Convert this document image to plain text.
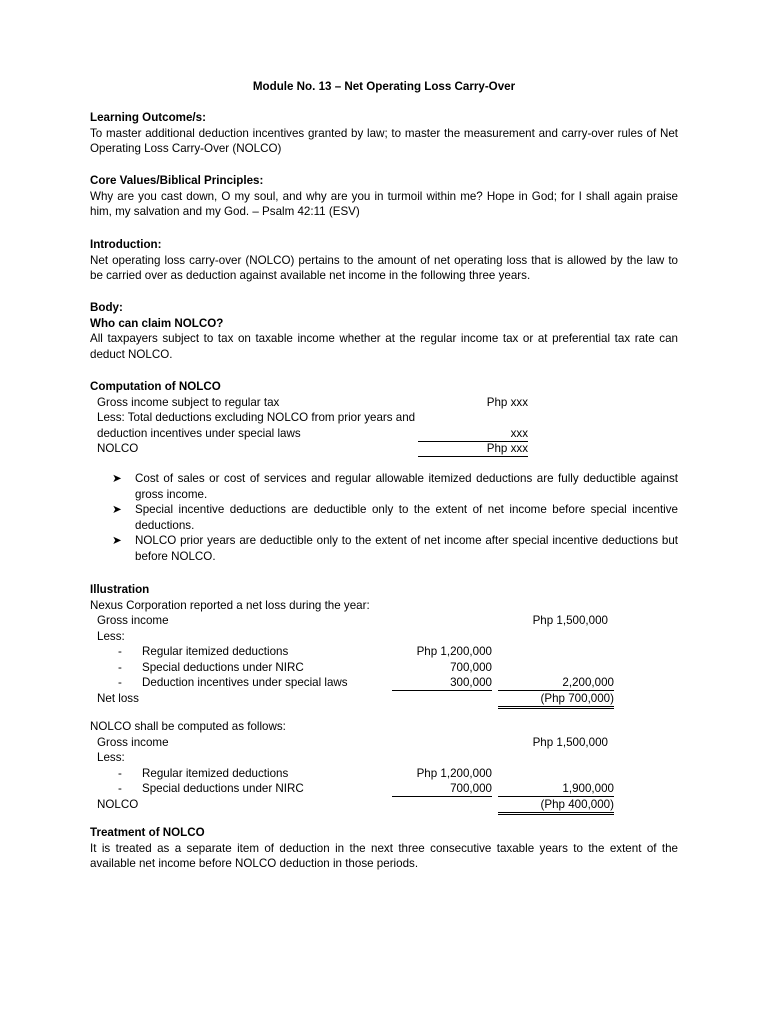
Module No. 13 – Net Operating Loss Carry-Over
Learning Outcome/s:
To master additional deduction incentives granted by law; to master the measurement and carry-over rules of Net Operating Loss Carry-Over (NOLCO)
Core Values/Biblical Principles:
Why are you cast down, O my soul, and why are you in turmoil within me? Hope in God; for I shall again praise him, my salvation and my God. – Psalm 42:11 (ESV)
Introduction:
Net operating loss carry-over (NOLCO) pertains to the amount of net operating loss that is allowed by the law to be carried over as deduction against available net income in the following three years.
Body:
Who can claim NOLCO?
All taxpayers subject to tax on taxable income whether at the regular income tax or at preferential tax rate can deduct NOLCO.
Computation of NOLCO
Gross income subject to regular tax	Php xxx
Less: Total deductions excluding NOLCO from prior years and
deduction incentives under special laws	xxx
NOLCO	Php xxx
➤ Cost of sales or cost of services and regular allowable itemized deductions are fully deductible against gross income.
➤ Special incentive deductions are deductible only to the extent of net income before special incentive deductions.
➤ NOLCO prior years are deductible only to the extent of net income after special incentive deductions but before NOLCO.
Illustration
Nexus Corporation reported a net loss during the year:
Gross income	Php 1,500,000
Less:
- Regular itemized deductions	Php 1,200,000
- Special deductions under NIRC	700,000
- Deduction incentives under special laws	300,000	2,200,000
Net loss	(Php 700,000)
NOLCO shall be computed as follows:
Gross income	Php 1,500,000
Less:
- Regular itemized deductions	Php 1,200,000
- Special deductions under NIRC	700,000	1,900,000
NOLCO	(Php 400,000)
Treatment of NOLCO
It is treated as a separate item of deduction in the next three consecutive taxable years to the extent of the available net income before NOLCO deduction in those periods.
